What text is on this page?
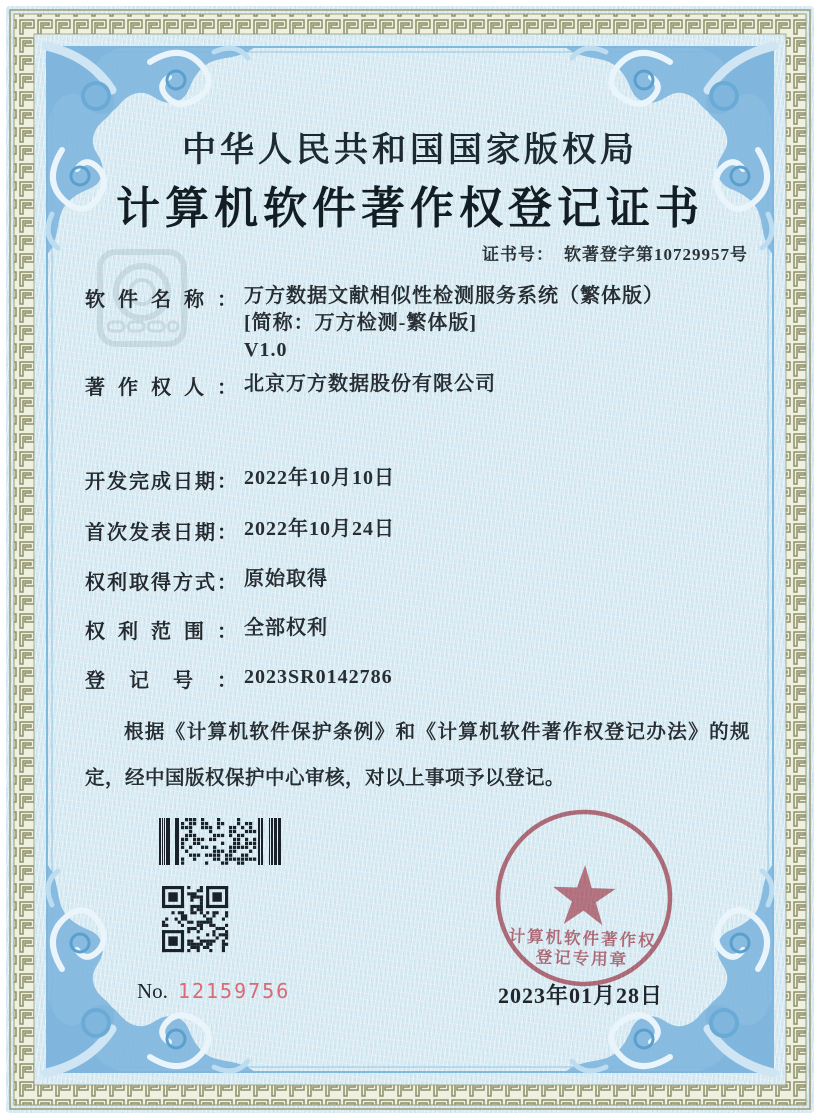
中华人民共和国国家版权局
计算机软件著作权登记证书
证书号： 软著登字第10729957号
软件名称： 万方数据文献相似性检测服务系统（繁体版）
[简称：万方检测-繁体版]
V1.0
著作权人： 北京万方数据股份有限公司
开发完成日期： 2022年10月10日
首次发表日期： 2022年10月24日
权利取得方式： 原始取得
权利范围： 全部权利
登记号： 2023SR0142786
根据《计算机软件保护条例》和《计算机软件著作权登记办法》的规定，经中国版权保护中心审核，对以上事项予以登记。
No. 12159756	2023年01月28日
计算机软件著作权
登记专用章
